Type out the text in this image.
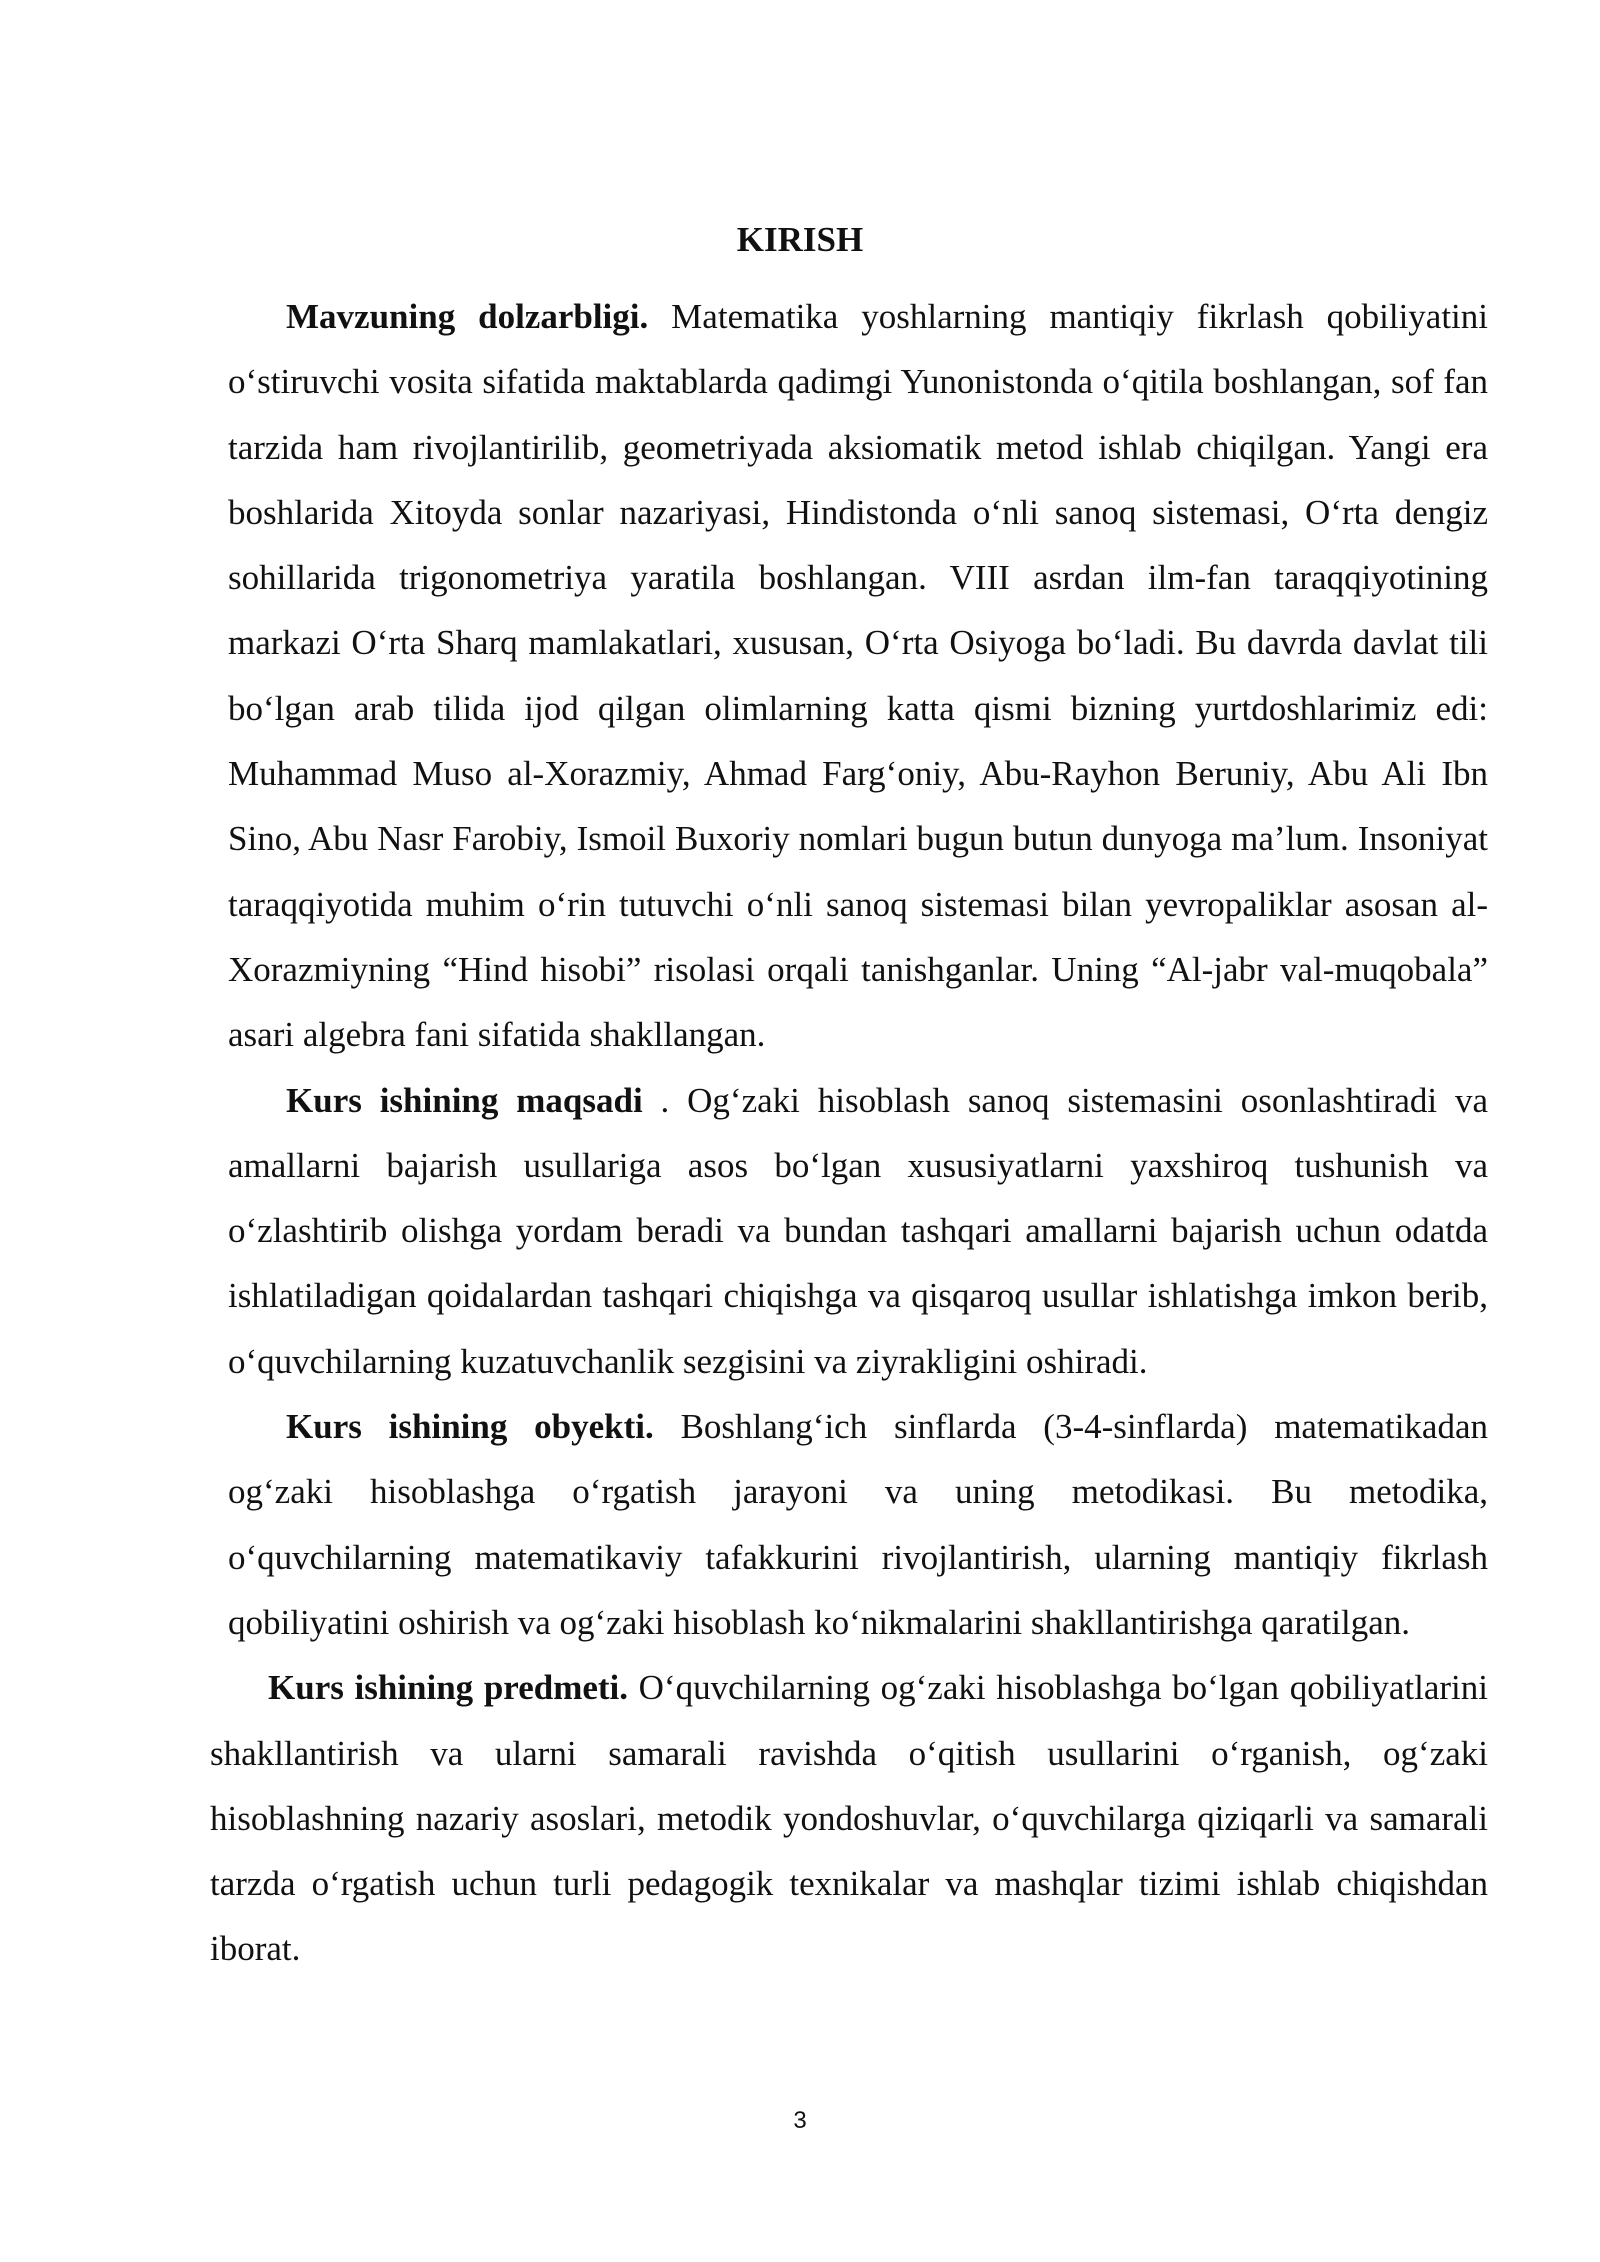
KIRISH

Mavzuning dolzarbligi. Matematika yoshlarning mantiqiy fikrlash qobiliyatini o‘stiruvchi vosita sifatida maktablarda qadimgi Yunonistonda o‘qitila boshlangan, sof fan tarzida ham rivojlantirilib, geometriyada aksiomatik metod ishlab chiqilgan. Yangi era boshlarida Xitoyda sonlar nazariyasi, Hindistonda o‘nli sanoq sistemasi, O‘rta dengiz sohillarida trigonometriya yaratila boshlangan. VIII asrdan ilm-fan taraqqiyotining markazi O‘rta Sharq mamlakatlari, xususan, O‘rta Osiyoga bo‘ladi. Bu davrda davlat tili bo‘lgan arab tilida ijod qilgan olimlarning katta qismi bizning yurtdoshlarimiz edi: Muhammad Muso al-Xorazmiy, Ahmad Farg‘oniy, Abu-Rayhon Beruniy, Abu Ali Ibn Sino, Abu Nasr Farobiy, Ismoil Buxoriy nomlari bugun butun dunyoga ma’lum. Insoniyat taraqqiyotida muhim o‘rin tutuvchi o‘nli sanoq sistemasi bilan yevropaliklar asosan al-Xorazmiyning “Hind hisobi” risolasi orqali tanishganlar. Uning “Al-jabr val-muqobala” asari algebra fani sifatida shakllangan.

Kurs ishining maqsadi . Og‘zaki hisoblash sanoq sistemasini osonlashtiradi va amallarni bajarish usullariga asos bo‘lgan xususiyatlarni yaxshiroq tushunish va o‘zlashtirib olishga yordam beradi va bundan tashqari amallarni bajarish uchun odatda ishlatiladigan qoidalardan tashqari chiqishga va qisqaroq usullar ishlatishga imkon berib, o‘quvchilarning kuzatuvchanlik sezgisini va ziyrakligini oshiradi.

Kurs ishining obyekti. Boshlang‘ich sinflarda (3-4-sinflarda) matematikadan og‘zaki hisoblashga o‘rgatish jarayoni va uning metodikasi. Bu metodika, o‘quvchilarning matematikaviy tafakkurini rivojlantirish, ularning mantiqiy fikrlash qobiliyatini oshirish va og‘zaki hisoblash ko‘nikmalarini shakllantirishga qaratilgan.

Kurs ishining predmeti. O‘quvchilarning og‘zaki hisoblashga bo‘lgan qobiliyatlarini shakllantirish va ularni samarali ravishda o‘qitish usullarini o‘rganish, og‘zaki hisoblashning nazariy asoslari, metodik yondoshuvlar, o‘quvchilarga qiziqarli va samarali tarzda o‘rgatish uchun turli pedagogik texnikalar va mashqlar tizimi ishlab chiqishdan iborat.

3
